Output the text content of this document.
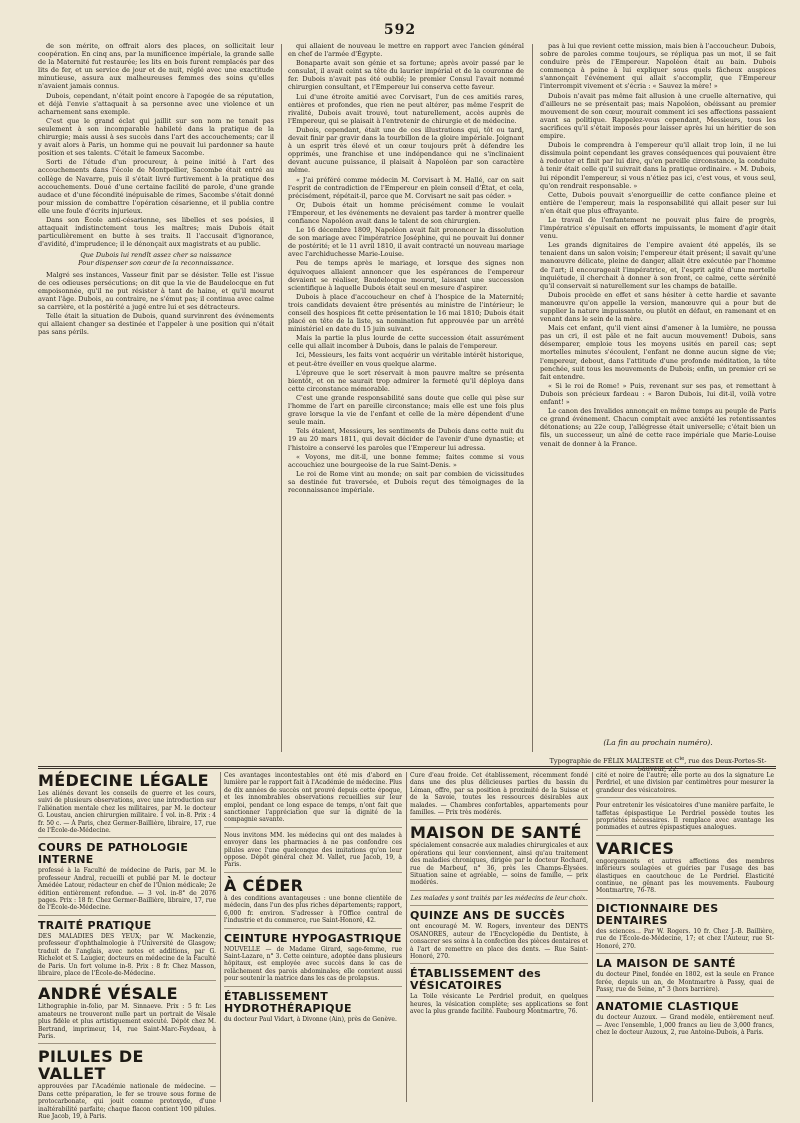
592

de son mérite, on offrait alors des places, on sollicitait leur coopération. En cinq ans, par la munificence impériale, la grande salle de la Maternité fut restaurée; les lits en bois furent remplacés par des lits de fer, et un service de jour et de nuit, réglé avec une exactitude minutieuse, assura aux malheureuses femmes des soins qu'elles n'avaient jamais connus.

Dubois, cependant, n'était point encore à l'apogée de sa réputation, et déjà l'envie s'attaquait à sa personne avec une violence et un acharnement sans exemple.

C'est que le grand éclat qui jaillit sur son nom ne tenait pas seulement à son incomparable habileté dans la pratique de la chirurgie; mais aussi à ses succès dans l'art des accouchements; car il y avait alors à Paris, un homme qui ne pouvait lui pardonner sa haute position et ses talents. C'était le fameux Sacombe.

Sorti de l'étude d'un procureur, à peine initié à l'art des accouchements dans l'école de Montpellier, Sacombe était entré au collège de Navarre, puis il s'était livré furtivement à la pratique des accouchements. Doué d'une certaine facilité de parole, d'une grande audace et d'une fécondité inépuisable de rimes, Sacombe s'était donné pour mission de combattre l'opération césarienne, et il publia contre elle une foule d'écrits injurieux.

Dans son École anti-césarienne, ses libelles et ses poésies, il attaquait indistinctement tous les maîtres; mais Dubois était particulièrement en butte à ses traits. Il l'accusait d'ignorance, d'avidité, d'imprudence; il le dénonçait aux magistrats et au public.

Que Dubois lui rendît assez cher sa naissance
Pour dispenser son cœur de la reconnaissance.

Malgré ses instances, Vasseur finit par se désister. Telle est l'issue de ces odieuses persécutions; on dit que la vie de Baudelocque en fut empoisonnée, qu'il ne put résister à tant de haine, et qu'il mourut avant l'âge. Dubois, au contraire, ne s'émut pas; il continua avec calme sa carrière, et la postérité a jugé entre lui et ses détracteurs.

Telle était la situation de Dubois, quand survinrent des événements qui allaient changer sa destinée et l'appeler à une position qui n'était pas sans périls.

qui allaient de nouveau le mettre en rapport avec l'ancien général en chef de l'armée d'Égypte.

Bonaparte avait son génie et sa fortune; après avoir passé par le consulat, il avait ceint sa tête du laurier impérial et de la couronne de fer. Dubois n'avait pas été oublié; le premier Consul l'avait nommé chirurgien consultant, et l'Empereur lui conserva cette faveur.

Lui d'une étroite amitié avec Corvisart, l'un de ces amitiés rares, entières et profondes, que rien ne peut altérer, pas même l'esprit de rivalité, Dubois avait trouvé, tout naturellement, accès auprès de l'Empereur, qui se plaisait à l'entretenir de chirurgie et de médecine.

Dubois, cependant, était une de ces illustrations qui, tôt ou tard, devait finir par gravir dans la tourbillon de la gloire impériale. Joignant à un esprit très élevé et un cœur toujours prêt à défendre les opprimés, une franchise et une indépendance qui ne s'inclinaient devant aucune puissance, il plaisait à Napoléon par son caractère même.

« J'ai préféré comme médecin M. Corvisart à M. Hallé, car on sait l'esprit de contradiction de l'Empereur en plein conseil d'État, et cela, précisément, répétait-il, parce que M. Corvisart ne sait pas céder. »

Or, Dubois était un homme précisément comme le voulait l'Empereur, et les événements ne devaient pas tarder à montrer quelle confiance Napoléon avait dans le talent de son chirurgien.

Le 16 décembre 1809, Napoléon avait fait prononcer la dissolution de son mariage avec l'impératrice Joséphine, qui ne pouvait lui donner de postérité; et le 11 avril 1810, il avait contracté un nouveau mariage avec l'archiduchesse Marie-Louise.

Peu de temps après le mariage, et lorsque des signes non équivoques allaient annoncer que les espérances de l'empereur devaient se réaliser, Baudelocque mourut, laissant une succession scientifique à laquelle Dubois était seul en mesure d'aspirer.

Dubois à place d'accoucheur en chef à l'hospice de la Maternité; trois candidats devaient être présentés au ministre de l'intérieur; le conseil des hospices fit cette présentation le 16 mai 1810; Dubois était placé en tête de la liste, sa nomination fut approuvée par un arrêté ministériel en date du 15 juin suivant.

Mais la partie la plus lourde de cette succession était assurément celle qui allait incomber à Dubois, dans le palais de l'empereur.

Ici, Messieurs, les faits vont acquérir un véritable intérêt historique, et peut-être éveiller en vous quelque alarme.

L'épreuve que le sort réservait à mon pauvre maître se présenta bientôt, et on ne saurait trop admirer la fermeté qu'il déploya dans cette circonstance mémorable.

C'est une grande responsabilité sans doute que celle qui pèse sur l'homme de l'art en pareille circonstance; mais elle est une fois plus grave lorsque la vie de l'enfant et celle de la mère dépendent d'une seule main.

Tels étaient, Messieurs, les sentiments de Dubois dans cette nuit du 19 au 20 mars 1811, qui devait décider de l'avenir d'une dynastie; et l'histoire a conservé les paroles que l'Empereur lui adressa.

« Voyons, me dit-il, une bonne femme; faites comme si vous accouchiez une bourgeoise de la rue Saint-Denis. »

Le roi de Rome vint au monde; on sait par combien de vicissitudes sa destinée fut traversée, et Dubois reçut des témoignages de la reconnaissance impériale.

pas à lui que revient cette mission, mais bien à l'accoucheur. Dubois, sobre de paroles comme toujours, se répliqua pas un mot, il se fait conduire près de l'Empereur. Napoléon était au bain. Dubois commença à peine à lui expliquer sous quels fâcheux auspices s'annonçait l'événement qui allait s'accomplir, que l'Empereur l'interrompit vivement et s'écria : « Sauvez la mère! »

Dubois n'avait pas même fait allusion à une cruelle alternative, qui d'ailleurs ne se présentait pas; mais Napoléon, obéissant au premier mouvement de son cœur, mourait comment ici ses affections passaient avant sa politique. Rappelez-vous cependant, Messieurs, tous les sacrifices qu'il s'était imposés pour laisser après lui un héritier de son empire.

Dubois le comprendra à l'empereur qu'il allait trop loin, il ne lui dissimula point cependant les graves conséquences qui pouvaient être à redouter et finit par lui dire, qu'en pareille circonstance, la conduite à tenir était celle qu'il suivrait dans la pratique ordinaire. « M. Dubois, lui répondit l'empereur, si vous n'étiez pas ici, c'est vous, et vous seul, qu'on rendrait responsable. »

Cette, Dubois pouvait s'enorgueillir de cette confiance pleine et entière de l'empereur, mais la responsabilité qui allait peser sur lui n'en était que plus effrayante.

Le travail de l'enfantement ne pouvait plus faire de progrès, l'impératrice s'épuisait en efforts impuissants, le moment d'agir était venu.

Les grands dignitaires de l'empire avaient été appelés, ils se tenaient dans un salon voisin; l'empereur était présent; il savait qu'une manœuvre délicate, pleine de danger, allait être exécutée par l'homme de l'art; il encourageait l'impératrice, et, l'esprit agité d'une mortelle inquiétude, il cherchait à donner à son front, ce calme, cette sérénité qu'il conservait si naturellement sur les champs de bataille.

Dubois procède en effet et sans hésiter à cette hardie et savante manœuvre qu'on appelle la version, manœuvre qui a pour but de supplier la nature impuissante, ou plutôt en défaut, en ramenant et en venant dans le sein de la mère.

Mais cet enfant, qu'il vient ainsi d'amener à la lumière, ne poussa pas un cri, il est pâle et ne fait aucun mouvement! Dubois, sans désemparer, emploie tous les moyens usités en pareil cas; sept mortelles minutes s'écoulent, l'enfant ne donne aucun signe de vie; l'empereur, debout, dans l'attitude d'une profonde méditation, la tête penchée, suit tous les mouvements de Dubois; enfin, un premier cri se fait entendre.

« Si le roi de Rome! » Puis, revenant sur ses pas, et remettant à Dubois son précieux fardeau : « Baron Dubois, lui dit-il, voilà votre enfant! »

Le canon des Invalides annonçait en même temps au peuple de Paris ce grand événement. Chacun comptait avec anxiété les retentissantes détonations; au 22e coup, l'allégresse était universelle; c'était bien un fils, un successeur, un aîné de cette race impériale que Marie-Louise venait de donner à la France.

(La fin au prochain numéro).
Typographie de FÉLIX MALTESTE et $C^{ie}$, rue des Deux-Portes-St-Sauveur, 22.
MÉDECINE LÉGALE
Les aliénés devant les conseils de guerre et les cours, suivi de plusieurs observations, avec une introduction sur l'aliénation mentale chez les militaires, par M. le docteur G. Loustau, ancien chirurgien militaire. 1 vol. in-8. Prix : 4 fr. 50 c. — À Paris, chez Germer-Baillière, libraire, 17, rue de l'École-de-Médecine.
COURS DE PATHOLOGIE INTERNE
professé à la Faculté de médecine de Paris, par M. le professeur Andral, recueilli et publié par M. le docteur Amédée Latour, rédacteur en chef de l'Union médicale; 2e édition entièrement refondue. — 3 vol. in-8° de 2076 pages. Prix : 18 fr. Chez Germer-Baillière, libraire, 17, rue de l'École-de-Médecine.
TRAITÉ PRATIQUE
DES MALADIES DES YEUX; par W. Mackenzie, professeur d'ophthalmologie à l'Université de Glasgow; traduit de l'anglais, avec notes et additions, par G. Richelot et S. Laugier, docteurs en médecine de la Faculté de Paris. Un fort volume in-8. Prix : 8 fr. Chez Masson, libraire, place de l'École-de-Médecine.
ANDRÉ VÉSALE
Lithographie in-folio, par M. Sinnaeve. Prix : 5 fr. Les amateurs ne trouveront nulle part un portrait de Vésale plus fidèle et plus artistiquement exécuté. Dépôt chez M. Bertrand, imprimeur, 14, rue Saint-Marc-Feydeau, à Paris.
PILULES DE VALLET
approuvées par l'Académie nationale de médecine. — Dans cette préparation, le fer se trouve sous forme de protocarbonate, qui jouit comme protoxyde, d'une inaltérabilité parfaite; chaque flacon contient 100 pilules. Rue Jacob, 19, à Paris.
Ces avantages incontestables ont été mis d'abord en lumière par le rapport fait à l'Académie de médecine. Plus de dix années de succès ont prouvé depuis cette époque, et les innombrables observations recueillies sur leur emploi, pendant ce long espace de temps, n'ont fait que sanctionner l'appréciation que sur la dignité de la compagnie savante.
Nous invitons MM. les médecins qui ont des malades à envoyer dans les pharmacies à ne pas confondre ces pilules avec l'une quelconque des imitations qu'on leur oppose. Dépôt général chez M. Vallet, rue Jacob, 19, à Paris.
À CÉDER
à des conditions avantageuses : une bonne clientèle de médecin, dans l'un des plus riches départements; rapport, 6,000 fr. environ. S'adresser à l'Office central de l'industrie et du commerce, rue Saint-Honoré, 42.
CEINTURE HYPOGASTRIQUE
NOUVELLE — de Madame Girard, sage-femme, rue Saint-Lazare, n° 3. Cette ceinture, adoptée dans plusieurs hôpitaux, est employée avec succès dans le cas de relâchement des parois abdominales; elle convient aussi pour soutenir la matrice dans les cas de prolapsus.
ÉTABLISSEMENT HYDROTHÉRAPIQUE
du docteur Paul Vidart, à Divonne (Ain), près de Genève.
Cure d'eau froide. Cet établissement, récemment fondé dans une des plus délicieuses parties du bassin du Léman, offre, par sa position à proximité de la Suisse et de la Savoie, toutes les ressources désirables aux malades. — Chambres confortables, appartements pour familles. — Prix très modérés.
MAISON DE SANTÉ
spécialement consacrée aux maladies chirurgicales et aux opérations qui leur conviennent, ainsi qu'au traitement des maladies chroniques, dirigée par le docteur Rochard, rue de Marbeuf, n° 36, près les Champs-Élysées. Situation saine et agréable, — soins de famille, — prix modérés.
Les malades y sont traités par les médecins de leur choix.
QUINZE ANS DE SUCCÈS
ont encouragé M. W. Rogers, inventeur des DENTS OSANORES, auteur de l'Encyclopédie du Dentiste, à consacrer ses soins à la confection des pièces dentaires et à l'art de remettre en place des dents. — Rue Saint-Honoré, 270.
ÉTABLISSEMENT des VÉSICATOIRES
La Toile vésicante Le Perdriel produit, en quelques heures, la vésication complète; ses applications se font avec la plus grande facilité. Faubourg Montmartre, 76.
cité et noire de l'autre; elle porte au dos la signature Le Perdriel, et une division par centimètres pour mesurer la grandeur des vésicatoires.
Pour entretenir les vésicatoires d'une manière parfaite, le taffetas épispastique Le Perdriel possède toutes les propriétés nécessaires. Il remplace avec avantage les pommades et autres épispastiques analogues.
VARICES
engorgements et autres affections des membres inférieurs soulagées et guéries par l'usage des bas élastiques en caoutchouc de Le Perdriel. Élasticité continue, ne gênant pas les mouvements. Faubourg Montmartre, 76-78.
DICTIONNAIRE DES DENTAIRES
des sciences... Par W. Rogers. 10 fr. Chez J.-B. Baillière, rue de l'École-de-Médecine, 17; et chez l'Auteur, rue St-Honoré, 270.
LA MAISON DE SANTÉ
du docteur Pinel, fondée en 1802, est la seule en France ferée, depuis un an, de Montmartre à Passy, quai de Passy, rue de Seine, n° 3 (hors barrière).
ANATOMIE CLASTIQUE
du docteur Auzoux. — Grand modèle, entièrement neuf. — Avec l'ensemble, 1,000 francs au lieu de 3,000 francs, chez le docteur Auzoux, 2, rue Antoine-Dubois, à Paris.
